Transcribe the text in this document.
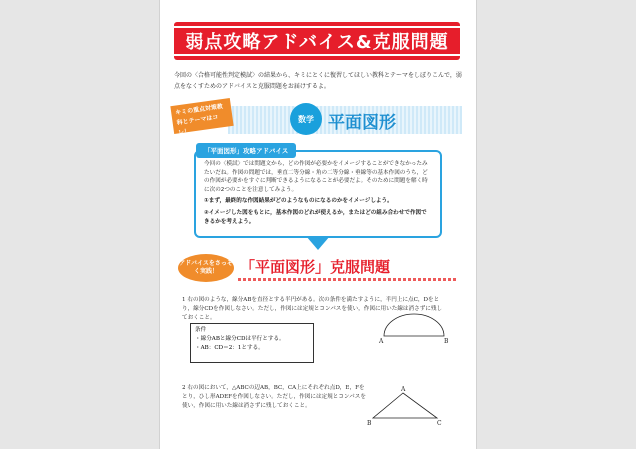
弱点攻略アドバイス&克服問題
今回の〈合格可能性判定模試〉の結果から、キミにとくに復習してほしい教科とテーマをしぼりこんで，弱点をなくすためのアドバイスと克服問題をお届けするよ。
キミの重点対策教科とテーマはコレ！
数学 平面図形
「平面図形」攻略アドバイス
今回の〈模試〉では問題文から，どの作図が必要かをイメージすることができなかったみたいだね。作図の問題では，垂直二等分線・角の二等分線・垂線等の基本作図のうち，どの作図が必要かをすぐに判断できるようになることが必要だよ。そのために問題を解く時に次の2つのことを注意してみよう。
①まず，最終的な作図結果がどのようなものになるのかをイメージしよう。
②イメージした図をもとに，基本作図のどれが使えるか，またはどの組み合わせで作図できるかを考えよう。
アドバイスをさっそく実践！	「平面図形」克服問題
1 右の図のような，線分ABを直径とする半円がある。次の条件を満たすように，半円上に点C，Dをとり，線分CDを作図しなさい。ただし，作図には定規とコンパスを使い，作図に用いた線は消さずに残しておくこと。
条件
・線分ABと線分CDは平行とする。
・AB：CD＝2：1とする。
A	B
2 右の図において，△ABCの辺AB，BC，CA上にそれぞれ点D，E，Fをとり，ひし形ADEFを作図しなさい。ただし，作図には定規とコンパスを使い，作図に用いた線は消さずに残しておくこと。
A
B	C
